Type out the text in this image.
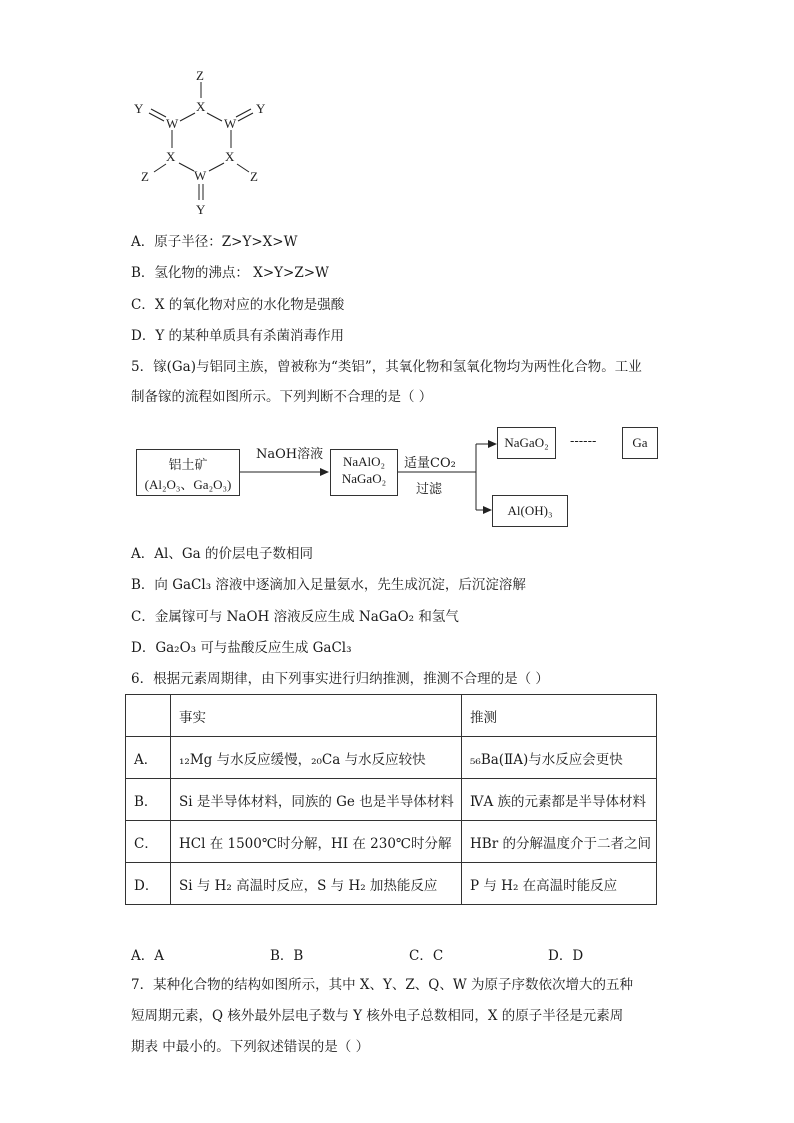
Z
X
W	W
Y	Y
X	X
Z	Z
W
Y
A．原子半径：Z>Y>X>W
B．氢化物的沸点： X>Y>Z>W
C．X 的氧化物对应的水化物是强酸
D．Y 的某种单质具有杀菌消毒作用
5．镓(Ga)与铝同主族，曾被称为“类铝”，其氧化物和氢氧化物均为两性化合物。工业
制备镓的流程如图所示。下列判断不合理的是（ ）
铝土矿
(Al₂O₃、Ga₂O₃)
NaOH溶液	NaAlO₂
NaGaO₂
适量CO₂
过滤
NaGaO₂	------	Ga
Al(OH)₃
A．Al、Ga 的价层电子数相同
B．向 GaCl₃ 溶液中逐滴加入足量氨水，先生成沉淀，后沉淀溶解
C．金属镓可与 NaOH 溶液反应生成 NaGaO₂ 和氢气
D．Ga₂O₃ 可与盐酸反应生成 GaCl₃
6．根据元素周期律，由下列事实进行归纳推测，推测不合理的是（ ）
	事实	推测
A．	₁₂Mg 与水反应缓慢，₂₀Ca 与水反应较快	₅₆Ba(ⅡA)与水反应会更快
B．	Si 是半导体材料，同族的 Ge 也是半导体材料	ⅣA 族的元素都是半导体材料
C．	HCl 在 1500℃时分解，HI 在 230℃时分解	HBr 的分解温度介于二者之间
D．	Si 与 H₂ 高温时反应，S 与 H₂ 加热能反应	P 与 H₂ 在高温时能反应
A．A	B．B	C．C	D．D
7．某种化合物的结构如图所示，其中 X、Y、Z、Q、W 为原子序数依次增大的五种
短周期元素，Q 核外最外层电子数与 Y 核外电子总数相同，X 的原子半径是元素周
期表 中最小的。下列叙述错误的是（ ）
